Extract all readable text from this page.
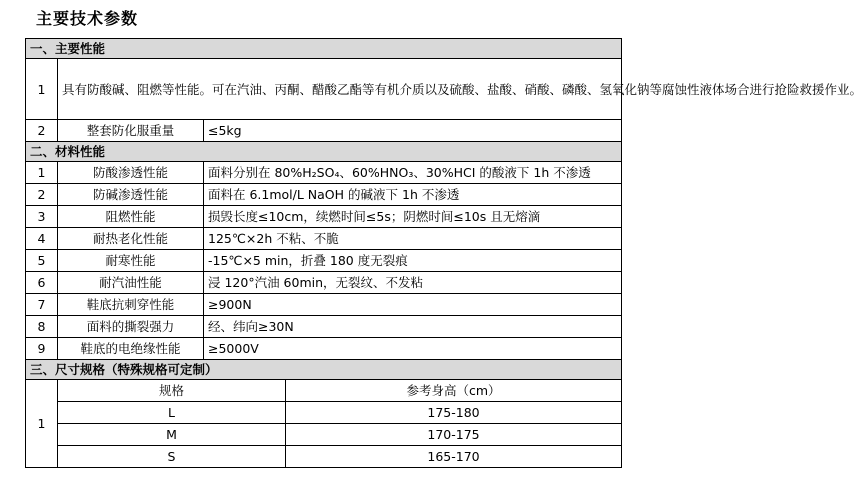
主要技术参数
一、主要性能			
1	具有防酸碱、阻燃等性能。可在汽油、丙酮、醋酸乙酯等有机介质以及硫酸、盐酸、硝酸、磷酸、氢氧化钠等腐蚀性液体场合进行抢险救援作业。		
2	整套防化服重量	≤5kg	
二、材料性能			
1	防酸渗透性能	面料分别在 80%H₂SO₄、60%HNO₃、30%HCI 的酸液下 1h 不渗透	
2	防碱渗透性能	面料在 6.1mol/L NaOH 的碱液下 1h 不渗透	
3	阻燃性能	损毁长度≤10cm，续燃时间≤5s；阴燃时间≤10s 且无熔滴	
4	耐热老化性能	125℃×2h 不粘、不脆	
5	耐寒性能	-15℃×5 min，折叠 180 度无裂痕	
6	耐汽油性能	浸 120°汽油 60min，无裂纹、不发粘	
7	鞋底抗刺穿性能	≥900N	
8	面料的撕裂强力	经、纬向≥30N	
9	鞋底的电绝缘性能	≥5000V	
三、尺寸规格（特殊规格可定制）			
1	规格		参考身高（cm）
	L		175-180
	M		170-175
	S		165-170
